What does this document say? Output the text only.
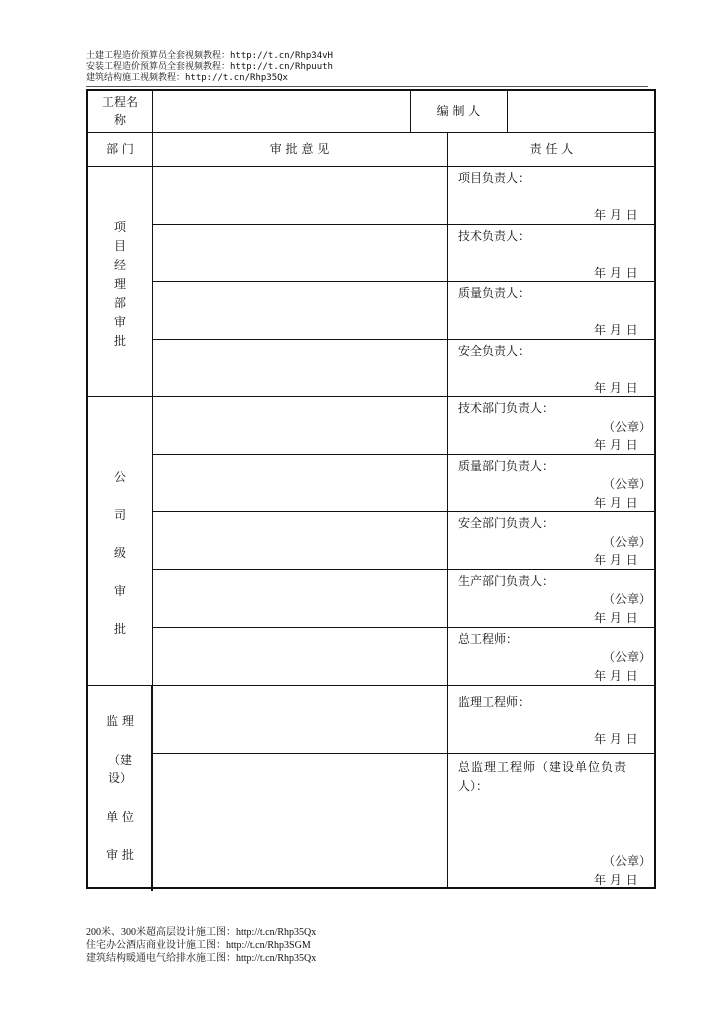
土建工程造价预算员全套视频教程：http://t.cn/Rhp34vH
安装工程造价预算员全套视频教程：http://t.cn/Rhpuuth
建筑结构施工视频教程：http://t.cn/Rhp35Qx
工程名
称
编 制 人
部 门	审 批 意 见	责 任 人
项
目
经
理
部
审
批
项目负责人：
年 月 日
技术负责人：
年 月 日
质量负责人：
年 月 日
安全负责人：
年 月 日
公
司
级
审
批
技术部门负责人：
（公章）
年 月 日
质量部门负责人：
（公章）
年 月 日
安全部门负责人：
（公章）
年 月 日
生产部门负责人：
（公章）
年 月 日
总工程师：
（公章）
年 月 日
监 理
（建
设）
单 位
审 批
监理工程师：
年 月 日
总监理工程师（建设单位负责
人）：
（公章）
年 月 日
200米、300米超高层设计施工图：http://t.cn/Rhp35Qx
住宅办公酒店商业设计施工图：http://t.cn/Rhp3SGM
建筑结构暖通电气给排水施工图：http://t.cn/Rhp35Qx
